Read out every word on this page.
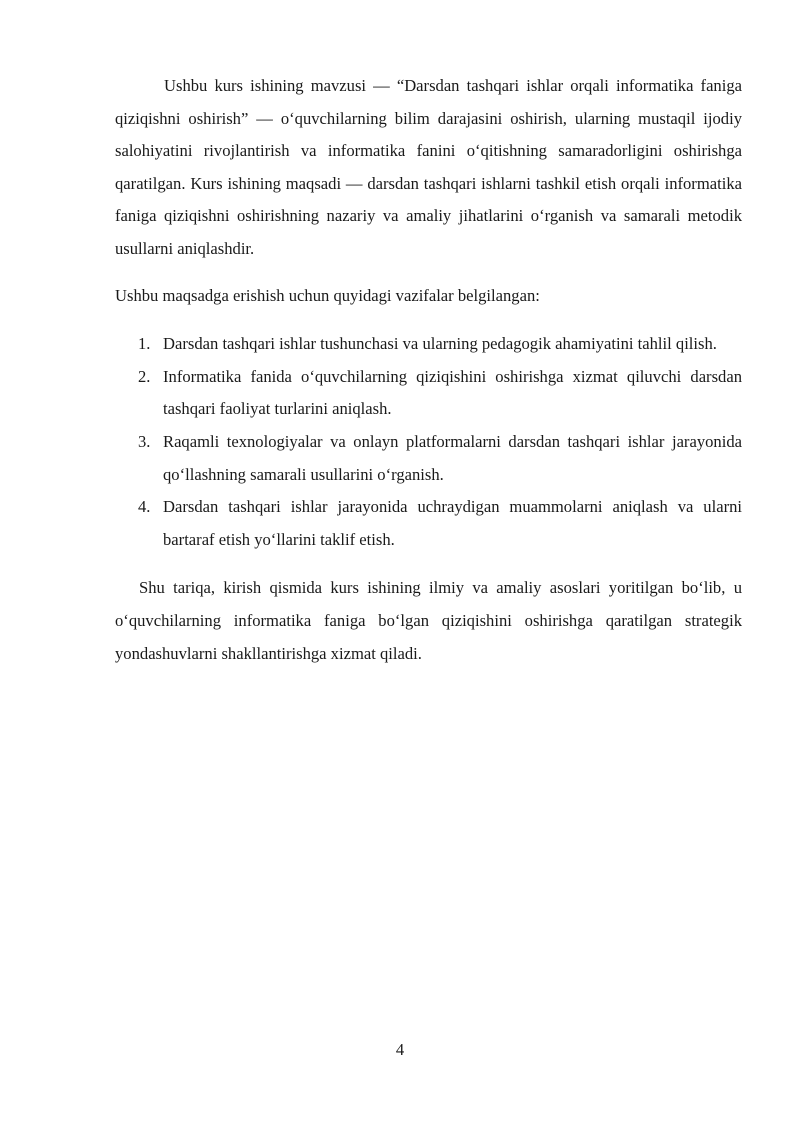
Ushbu kurs ishining mavzusi — “Darsdan tashqari ishlar orqali informatika faniga qiziqishni oshirish” — o‘quvchilarning bilim darajasini oshirish, ularning mustaqil ijodiy salohiyatini rivojlantirish va informatika fanini o‘qitishning samaradorligini oshirishga qaratilgan. Kurs ishining maqsadi — darsdan tashqari ishlarni tashkil etish orqali informatika faniga qiziqishni oshirishning nazariy va amaliy jihatlarini o‘rganish va samarali metodik usullarni aniqlashdir.

Ushbu maqsadga erishish uchun quyidagi vazifalar belgilangan:

1. Darsdan tashqari ishlar tushunchasi va ularning pedagogik ahamiyatini tahlil qilish.
2. Informatika fanida o‘quvchilarning qiziqishini oshirishga xizmat qiluvchi darsdan tashqari faoliyat turlarini aniqlash.
3. Raqamli texnologiyalar va onlayn platformalarni darsdan tashqari ishlar jarayonida qo‘llashning samarali usullarini o‘rganish.
4. Darsdan tashqari ishlar jarayonida uchraydigan muammolarni aniqlash va ularni bartaraf etish yo‘llarini taklif etish.

Shu tariqa, kirish qismida kurs ishining ilmiy va amaliy asoslari yoritilgan bo‘lib, u o‘quvchilarning informatika faniga bo‘lgan qiziqishini oshirishga qaratilgan strategik yondashuvlarni shakllantirishga xizmat qiladi.

4
